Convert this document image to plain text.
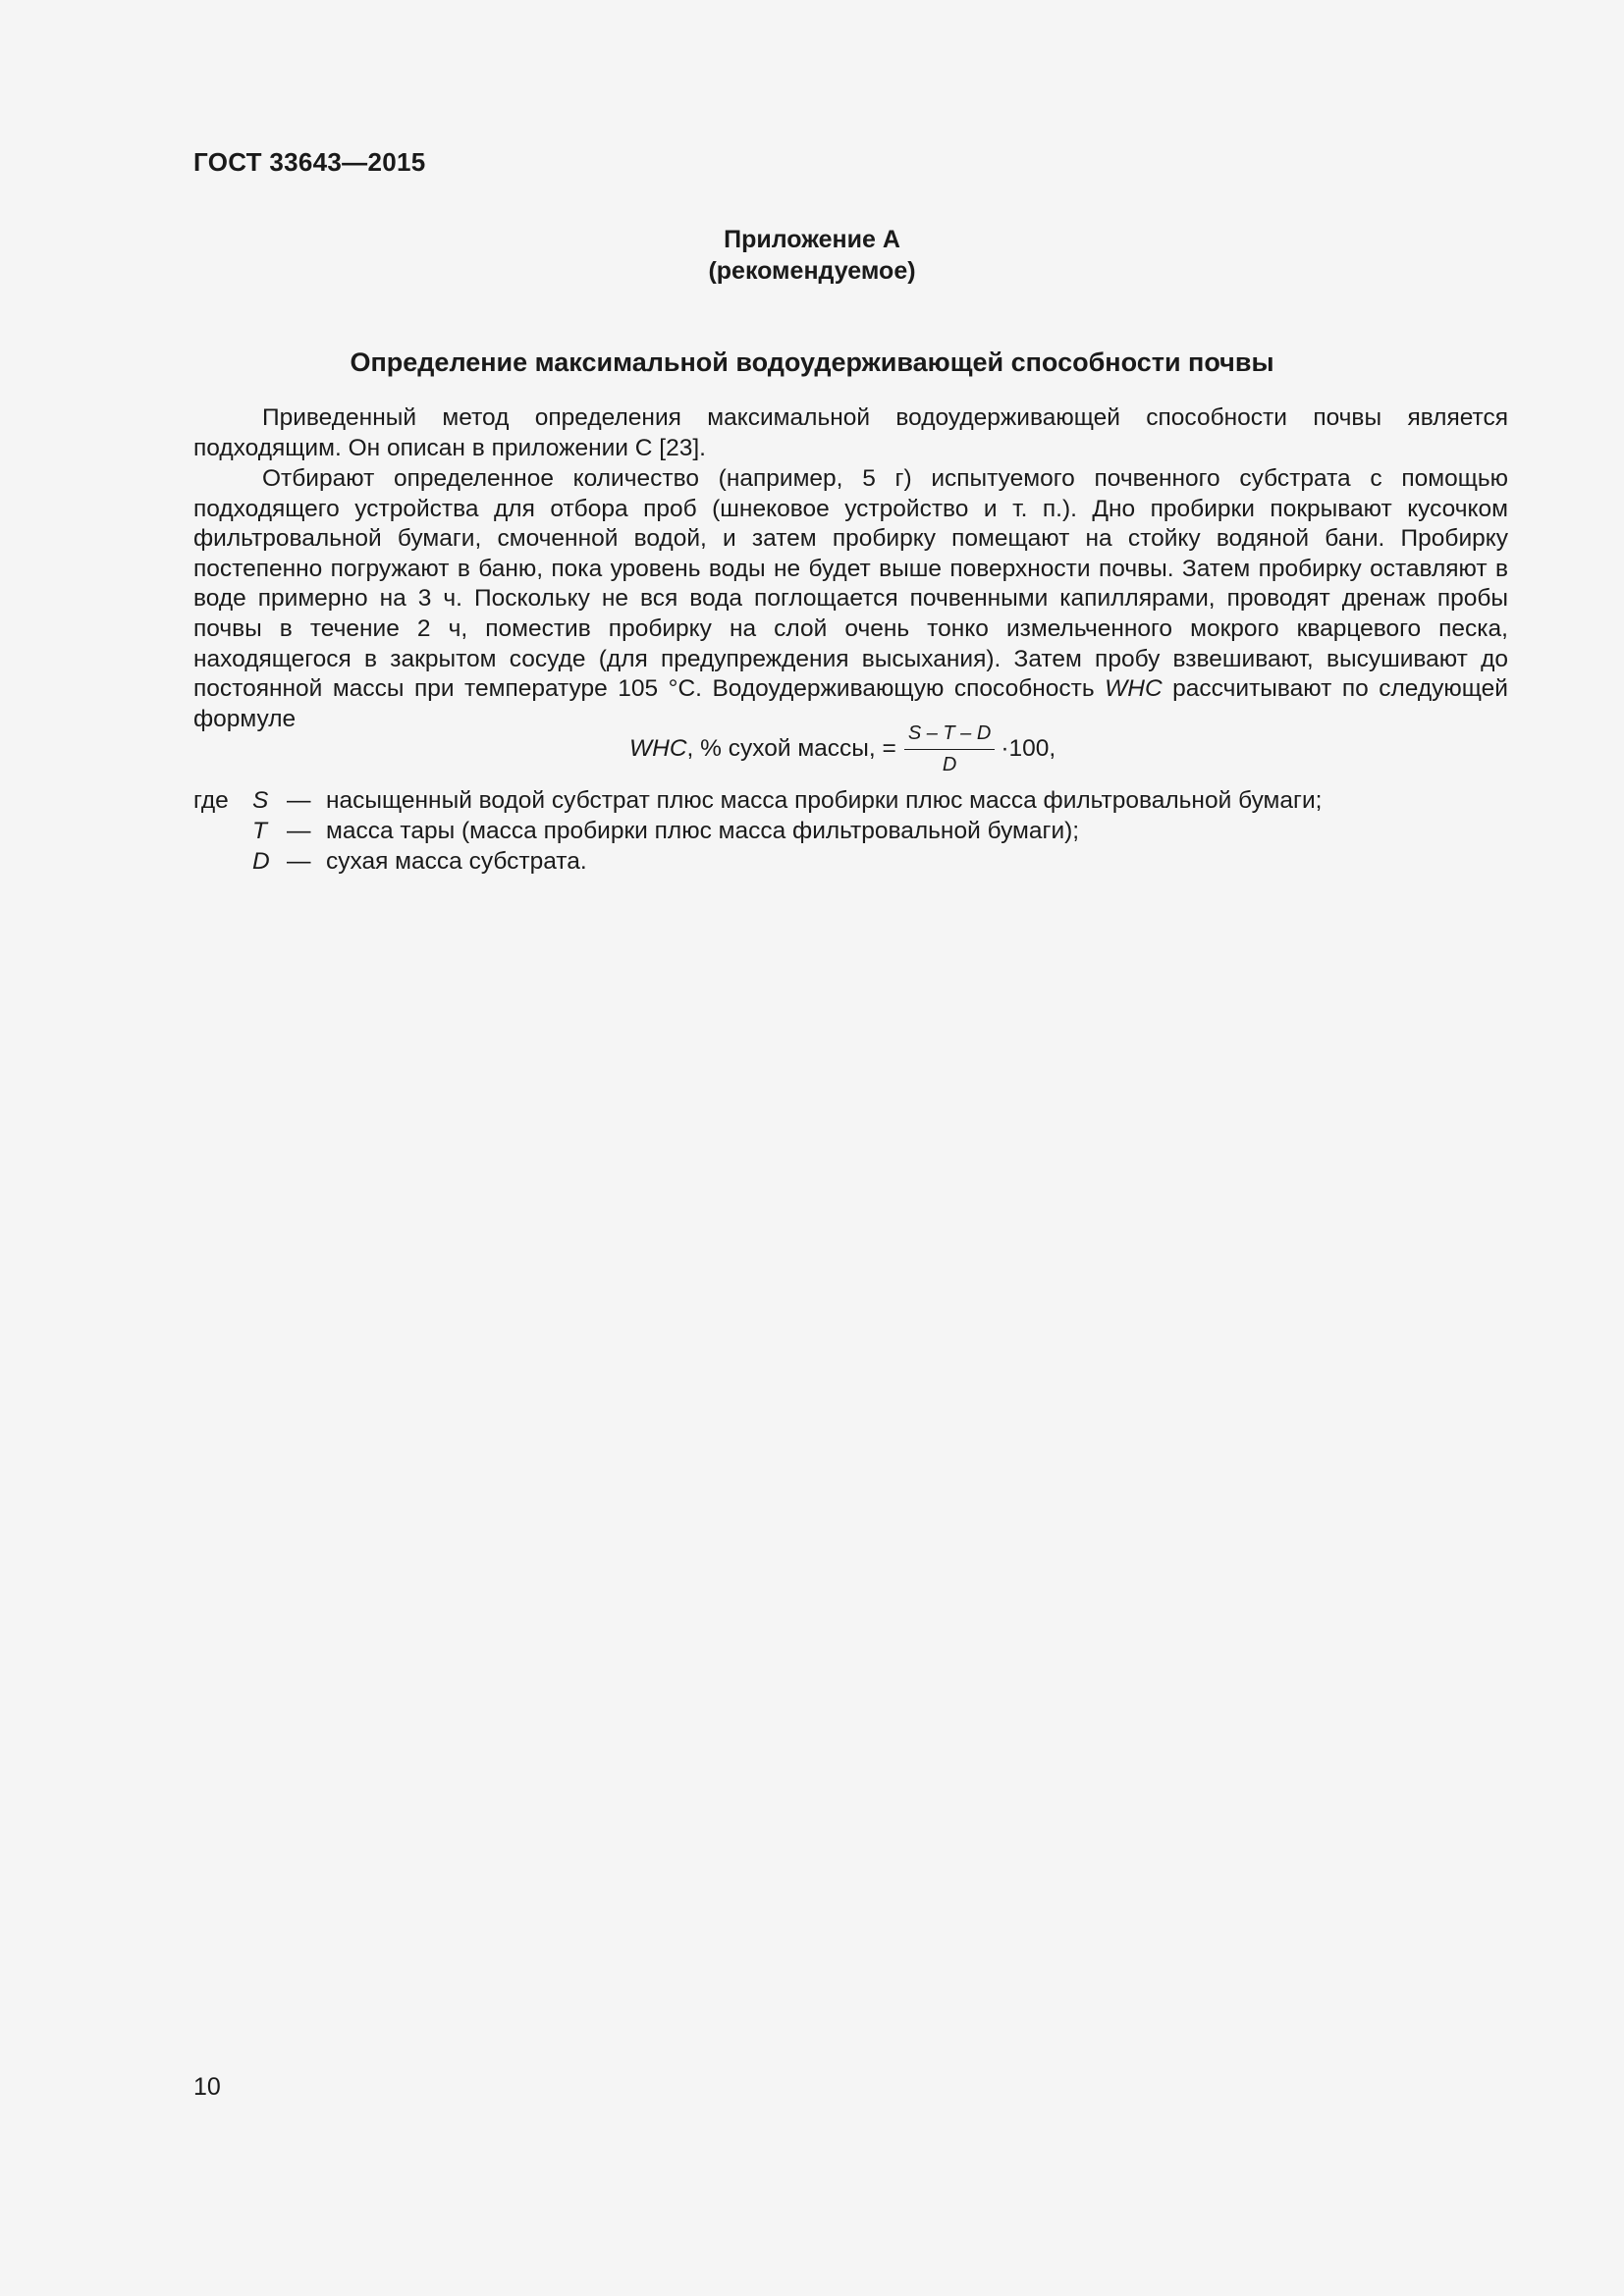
ГОСТ 33643—2015
Приложение А
(рекомендуемое)
Определение максимальной водоудерживающей способности почвы

Приведенный метод определения максимальной водоудерживающей способности почвы является подходящим. Он описан в приложении С [23].

Отбирают определенное количество (например, 5 г) испытуемого почвенного субстрата с помощью подходящего устройства для отбора проб (шнековое устройство и т. п.). Дно пробирки покрывают кусочком фильтровальной бумаги, смоченной водой, и затем пробирку помещают на стойку водяной бани. Пробирку постепенно погружают в баню, пока уровень воды не будет выше поверхности почвы. Затем пробирку оставляют в воде примерно на 3 ч. Поскольку не вся вода поглощается почвенными капиллярами, проводят дренаж пробы почвы в течение 2 ч, поместив пробирку на слой очень тонко измельченного мокрого кварцевого песка, находящегося в закрытом сосуде (для предупреждения высыхания). Затем пробу взвешивают, высушивают до постоянной массы при температуре 105 °С. Водоудерживающую способность WHC рассчитывают по следующей формуле

WHC , % сухой массы, = $\frac{S - T - D}{D} \cdot 100$,
где S — насыщенный водой субстрат плюс масса пробирки плюс масса фильтровальной бумаги;
T — масса тары (масса пробирки плюс масса фильтровальной бумаги);
D — сухая масса субстрата.
10
